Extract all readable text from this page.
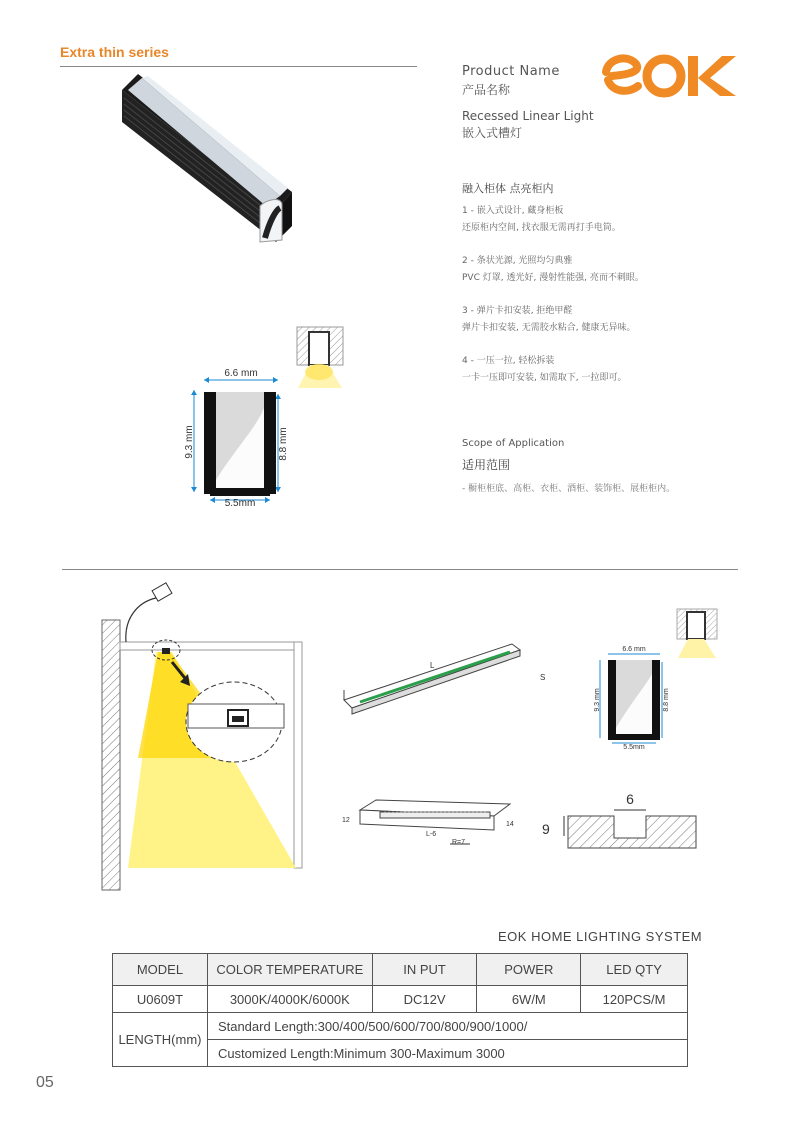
Extra thin series
Product Name
产品名称
Recessed Linear Light
嵌入式槽灯
6.6 mm
9.3 mm	8.8 mm
5.5mm
融入柜体 点亮柜内
1 - 嵌入式设计, 藏身柜板
还原柜内空间, 找衣服无需再打手电筒。
2 - 条状光源, 光照均匀典雅
PVC 灯罩, 透光好, 漫射性能强, 亮而不刺眼。
3 - 弹片卡扣安装, 拒绝甲醛
弹片卡扣安装, 无需胶水粘合, 健康无异味。
4 - 一压一拉, 轻松拆装
一卡一压即可安装, 如需取下, 一拉即可。
Scope of Application
适用范围
- 橱柜柜底、高柜、衣柜、酒柜、装饰柜、展柜柜内。
L
S
6.6 mm
9.3 mm	8.8 mm
5.5mm
12
14
L-6
R=7
6
9
EOK HOME LIGHTING SYSTEM
MODEL	COLOR TEMPERATURE	IN PUT	POWER	LED QTY
U0609T	3000K/4000K/6000K	DC12V	6W/M	120PCS/M
LENGTH(mm)	Standard Length:300/400/500/600/700/800/900/1000/			
	Customized Length:Minimum 300-Maximum 3000			
05
